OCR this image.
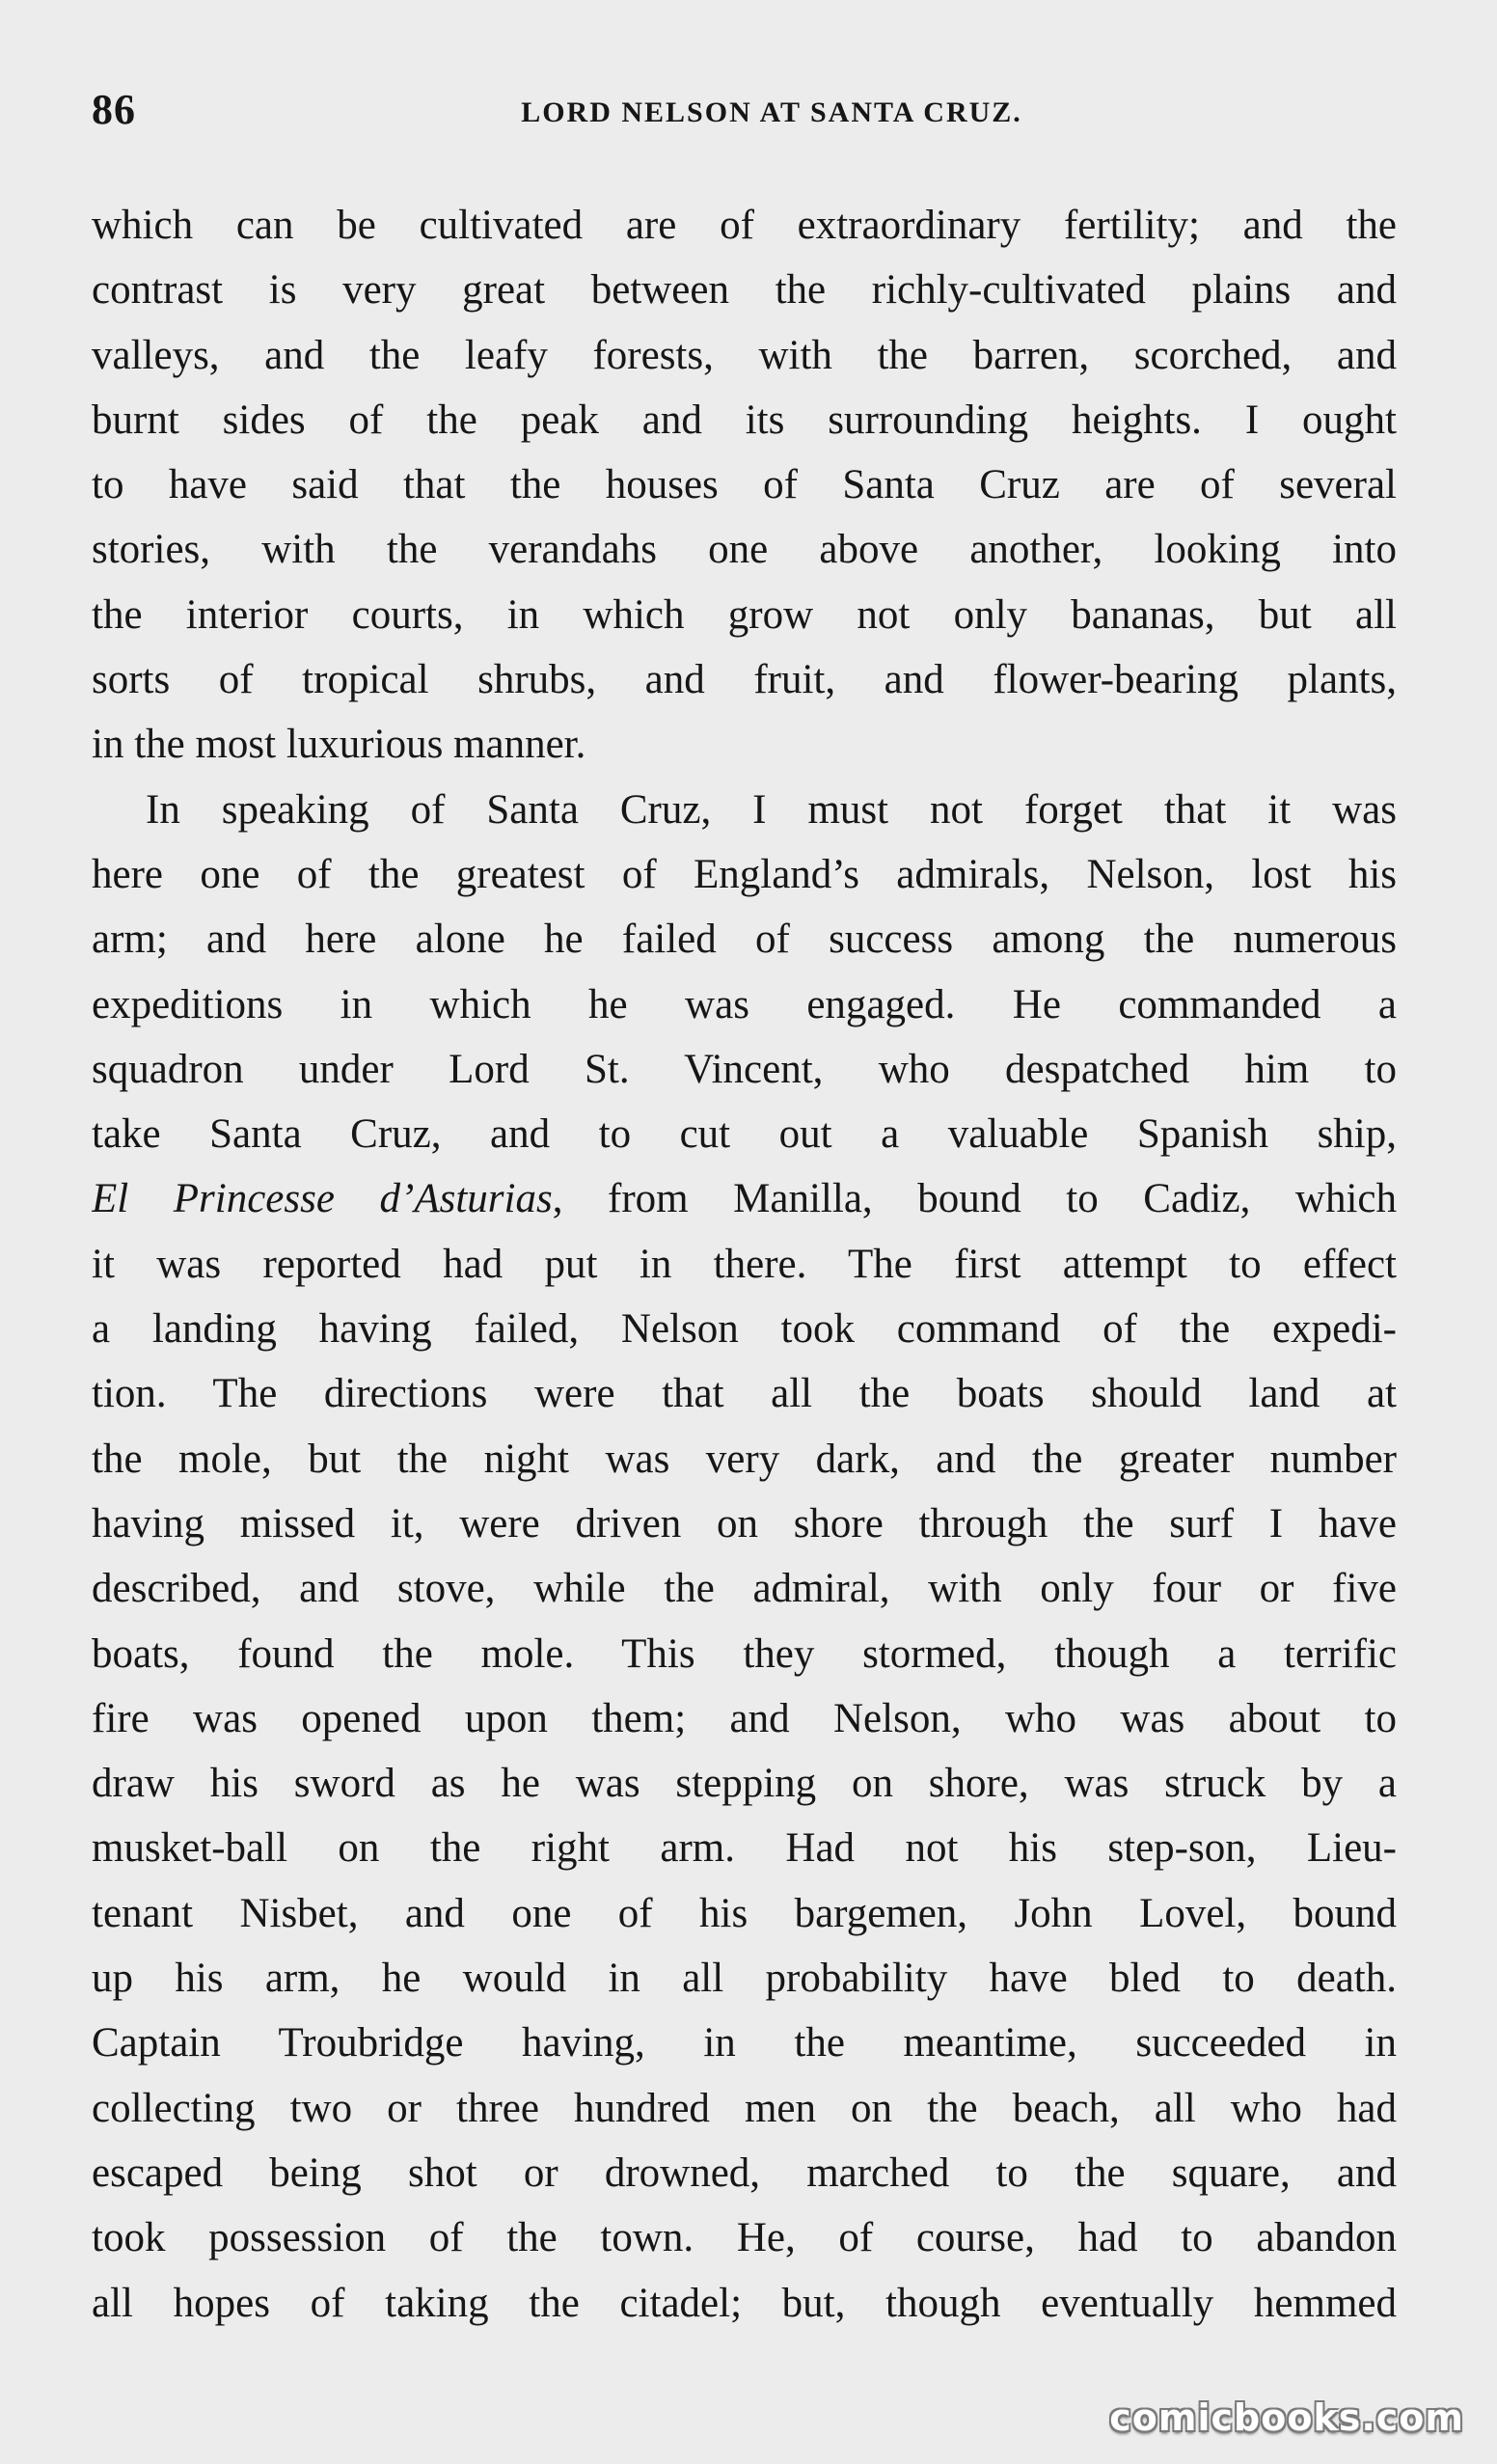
86	LORD NELSON AT SANTA CRUZ.
which can be cultivated are of extraordinary fertility; and the
contrast is very great between the richly-cultivated plains and
valleys, and the leafy forests, with the barren, scorched, and
burnt sides of the peak and its surrounding heights. I ought
to have said that the houses of Santa Cruz are of several
stories, with the verandahs one above another, looking into
the interior courts, in which grow not only bananas, but all
sorts of tropical shrubs, and fruit, and flower-bearing plants,
in the most luxurious manner.
In speaking of Santa Cruz, I must not forget that it was
here one of the greatest of England’s admirals, Nelson, lost his
arm; and here alone he failed of success among the numerous
expeditions in which he was engaged. He commanded a
squadron under Lord St. Vincent, who despatched him to
take Santa Cruz, and to cut out a valuable Spanish ship,
El Princesse d’Asturias, from Manilla, bound to Cadiz, which
it was reported had put in there. The first attempt to effect
a landing having failed, Nelson took command of the expedi-
tion. The directions were that all the boats should land at
the mole, but the night was very dark, and the greater number
having missed it, were driven on shore through the surf I have
described, and stove, while the admiral, with only four or five
boats, found the mole. This they stormed, though a terrific
fire was opened upon them; and Nelson, who was about to
draw his sword as he was stepping on shore, was struck by a
musket-ball on the right arm. Had not his step-son, Lieu-
tenant Nisbet, and one of his bargemen, John Lovel, bound
up his arm, he would in all probability have bled to death.
Captain Troubridge having, in the meantime, succeeded in
collecting two or three hundred men on the beach, all who had
escaped being shot or drowned, marched to the square, and
took possession of the town. He, of course, had to abandon
all hopes of taking the citadel; but, though eventually hemmed
comicbooks.com
